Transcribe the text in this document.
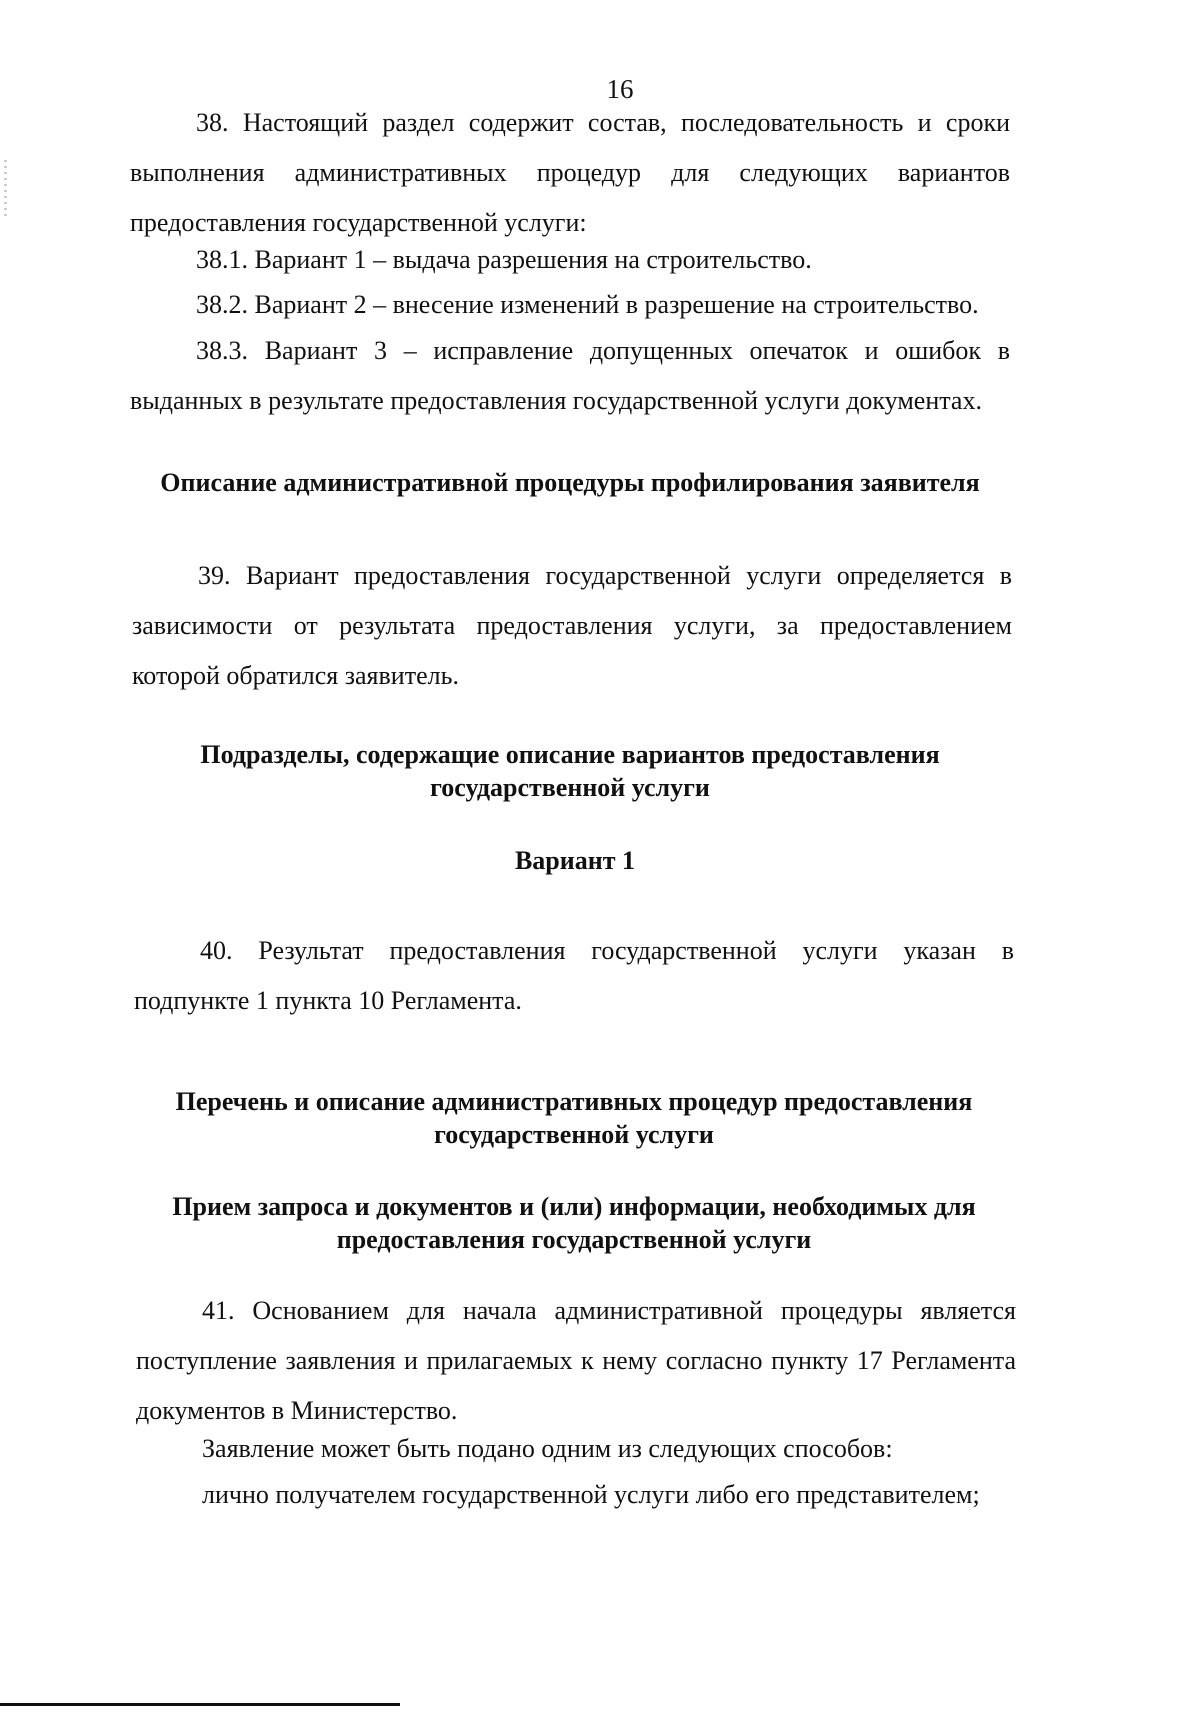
16
38. Настоящий раздел содержит состав, последовательность и сроки выполнения административных процедур для следующих вариантов предоставления государственной услуги:
38.1. Вариант 1 – выдача разрешения на строительство.
38.2. Вариант 2 – внесение изменений в разрешение на строительство.
38.3. Вариант 3 – исправление допущенных опечаток и ошибок в выданных в результате предоставления государственной услуги документах.
Описание административной процедуры профилирования заявителя
39. Вариант предоставления государственной услуги определяется в зависимости от результата предоставления услуги, за предоставлением которой обратился заявитель.
Подразделы, содержащие описание вариантов предоставления
государственной услуги
Вариант 1
40. Результат предоставления государственной услуги указан в подпункте 1 пункта 10 Регламента.
Перечень и описание административных процедур предоставления
государственной услуги
Прием запроса и документов и (или) информации, необходимых для
предоставления государственной услуги
41. Основанием для начала административной процедуры является поступление заявления и прилагаемых к нему согласно пункту 17 Регламента документов в Министерство.
Заявление может быть подано одним из следующих способов:
лично получателем государственной услуги либо его представителем;
